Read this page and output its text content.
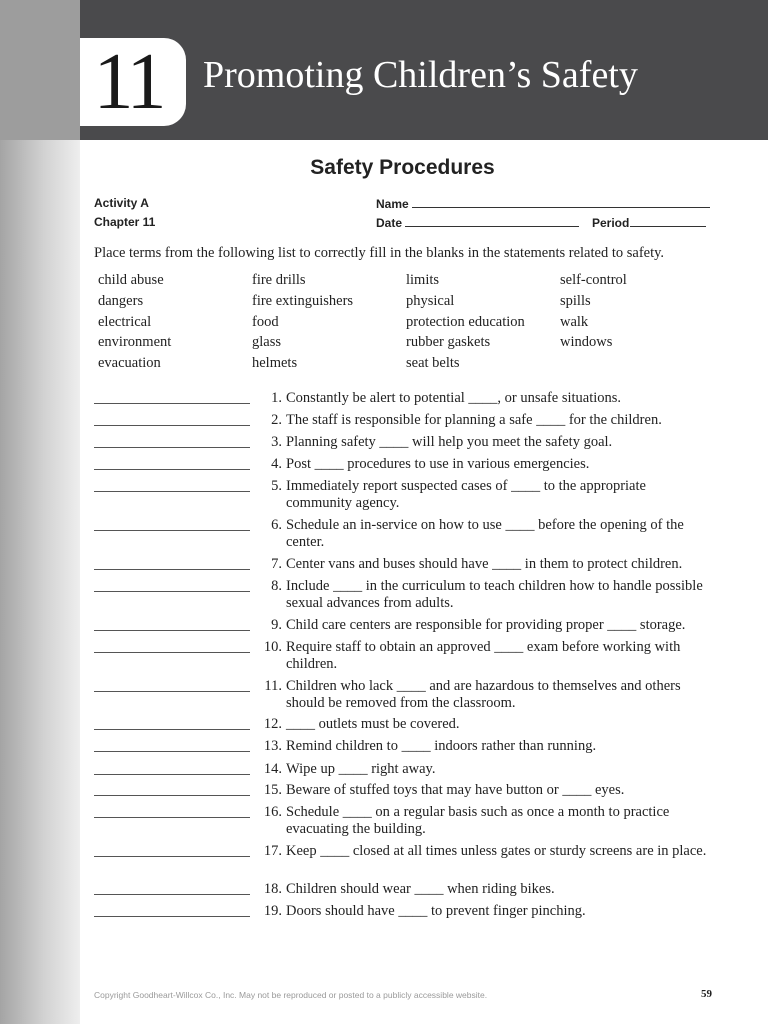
11 Promoting Children’s Safety
Safety Procedures
Activity A
Chapter 11
Name
Date	Period
Place terms from the following list to correctly fill in the blanks in the statements related to safety.
child abuse	fire drills	limits	self-control
dangers	fire extinguishers	physical	spills
electrical	food	protection education	walk
environment	glass	rubber gaskets	windows
evacuation	helmets	seat belts
1. Constantly be alert to potential ____, or unsafe situations.
2. The staff is responsible for planning a safe ____ for the children.
3. Planning safety ____ will help you meet the safety goal.
4. Post ____ procedures to use in various emergencies.
5. Immediately report suspected cases of ____ to the appropriate community agency.
6. Schedule an in-service on how to use ____ before the opening of the center.
7. Center vans and buses should have ____ in them to protect children.
8. Include ____ in the curriculum to teach children how to handle possible sexual advances from adults.
9. Child care centers are responsible for providing proper ____ storage.
10. Require staff to obtain an approved ____ exam before working with children.
11. Children who lack ____ and are hazardous to themselves and others should be removed from the classroom.
12. ____ outlets must be covered.
13. Remind children to ____ indoors rather than running.
14. Wipe up ____ right away.
15. Beware of stuffed toys that may have button or ____ eyes.
16. Schedule ____ on a regular basis such as once a month to practice evacuating the building.
17. Keep ____ closed at all times unless gates or sturdy screens are in place.
18. Children should wear ____ when riding bikes.
19. Doors should have ____ to prevent finger pinching.
Copyright Goodheart-Willcox Co., Inc. May not be reproduced or posted to a publicly accessible website.	59
